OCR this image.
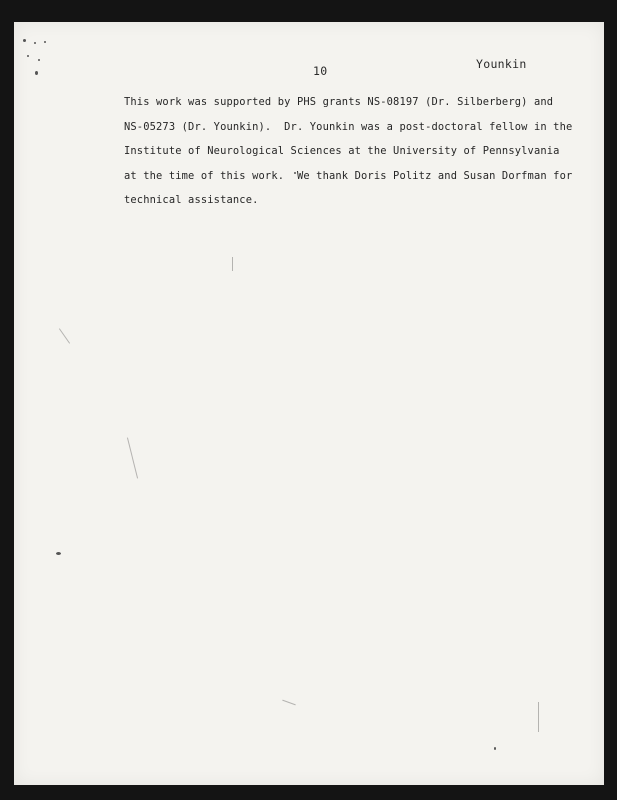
10	Younkin
This work was supported by PHS grants NS-08197 (Dr. Silberberg) and
NS-05273 (Dr. Younkin).  Dr. Younkin was a post-doctoral fellow in the
Institute of Neurological Sciences at the University of Pennsylvania
at the time of this work.  We thank Doris Politz and Susan Dorfman for
technical assistance.
